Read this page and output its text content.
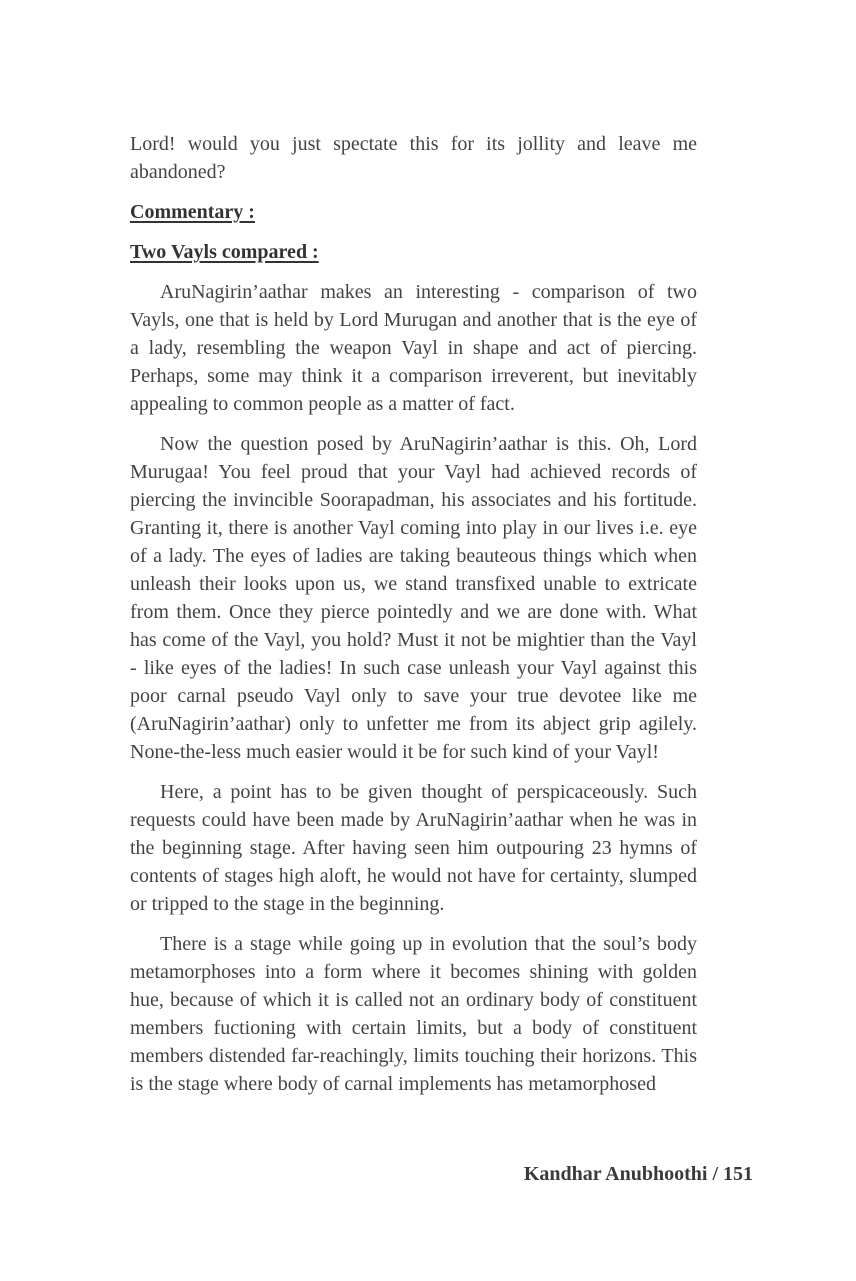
Lord! would you just spectate this for its jollity and leave me abandoned?

Commentary :
Two Vayls compared :

AruNagirin’aathar makes an interesting - comparison of two Vayls, one that is held by Lord Murugan and another that is the eye of a lady, resembling the weapon Vayl in shape and act of piercing. Perhaps, some may think it a comparison irreverent, but inevitably appealing to common people as a matter of fact.

Now the question posed by AruNagirin’aathar is this. Oh, Lord Murugaa! You feel proud that your Vayl had achieved records of piercing the invincible Soorapadman, his associates and his fortitude. Granting it, there is another Vayl coming into play in our lives i.e. eye of a lady. The eyes of ladies are taking beauteous things which when unleash their looks upon us, we stand transfixed unable to extricate from them. Once they pierce pointedly and we are done with. What has come of the Vayl, you hold? Must it not be mightier than the Vayl - like eyes of the ladies! In such case unleash your Vayl against this poor carnal pseudo Vayl only to save your true devotee like me (AruNagirin’aathar) only to unfetter me from its abject grip agilely. None-the-less much easier would it be for such kind of your Vayl!

Here, a point has to be given thought of perspicaceously. Such requests could have been made by AruNagirin’aathar when he was in the beginning stage. After having seen him outpouring 23 hymns of contents of stages high aloft, he would not have for certainty, slumped or tripped to the stage in the beginning.

There is a stage while going up in evolution that the soul’s body metamorphoses into a form where it becomes shining with golden hue, because of which it is called not an ordinary body of constituent members fuctioning with certain limits, but a body of constituent members distended far-reachingly, limits touching their horizons. This is the stage where body of carnal implements has metamorphosed

Kandhar Anubhoothi / 151
